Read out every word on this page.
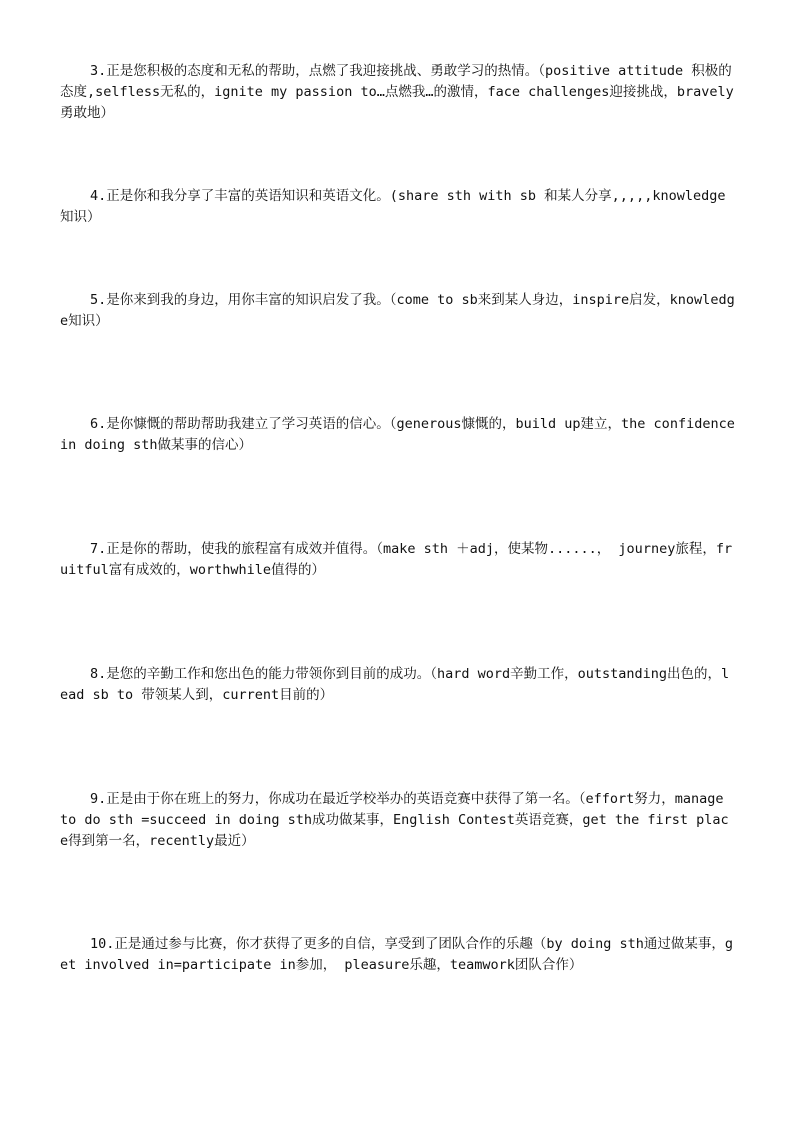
3.正是您积极的态度和无私的帮助，点燃了我迎接挑战、勇敢学习的热情。（positive attitude 积极的态度,selfless无私的，ignite my passion to…点燃我…的激情，face challenges迎接挑战，bravely勇敢地）

4.正是你和我分享了丰富的英语知识和英语文化。(share sth with sb 和某人分享,,,,,knowledge知识）

5.是你来到我的身边，用你丰富的知识启发了我。（come to sb来到某人身边，inspire启发，knowledge知识）

6.是你慷慨的帮助帮助我建立了学习英语的信心。（generous慷慨的，build up建立，the confidence in doing sth做某事的信心）

7.正是你的帮助，使我的旅程富有成效并值得。（make sth ＋adj，使某物......， journey旅程，fruitful富有成效的，worthwhile值得的）

8.是您的辛勤工作和您出色的能力带领你到目前的成功。（hard word辛勤工作，outstanding出色的，lead sb to 带领某人到，current目前的）

9.正是由于你在班上的努力，你成功在最近学校举办的英语竞赛中获得了第一名。（effort努力，manage to do sth =succeed in doing sth成功做某事，English Contest英语竞赛，get the first place得到第一名，recently最近）

10.正是通过参与比赛，你才获得了更多的自信，享受到了团队合作的乐趣（by doing sth通过做某事，get involved in=participate in参加， pleasure乐趣，teamwork团队合作）
